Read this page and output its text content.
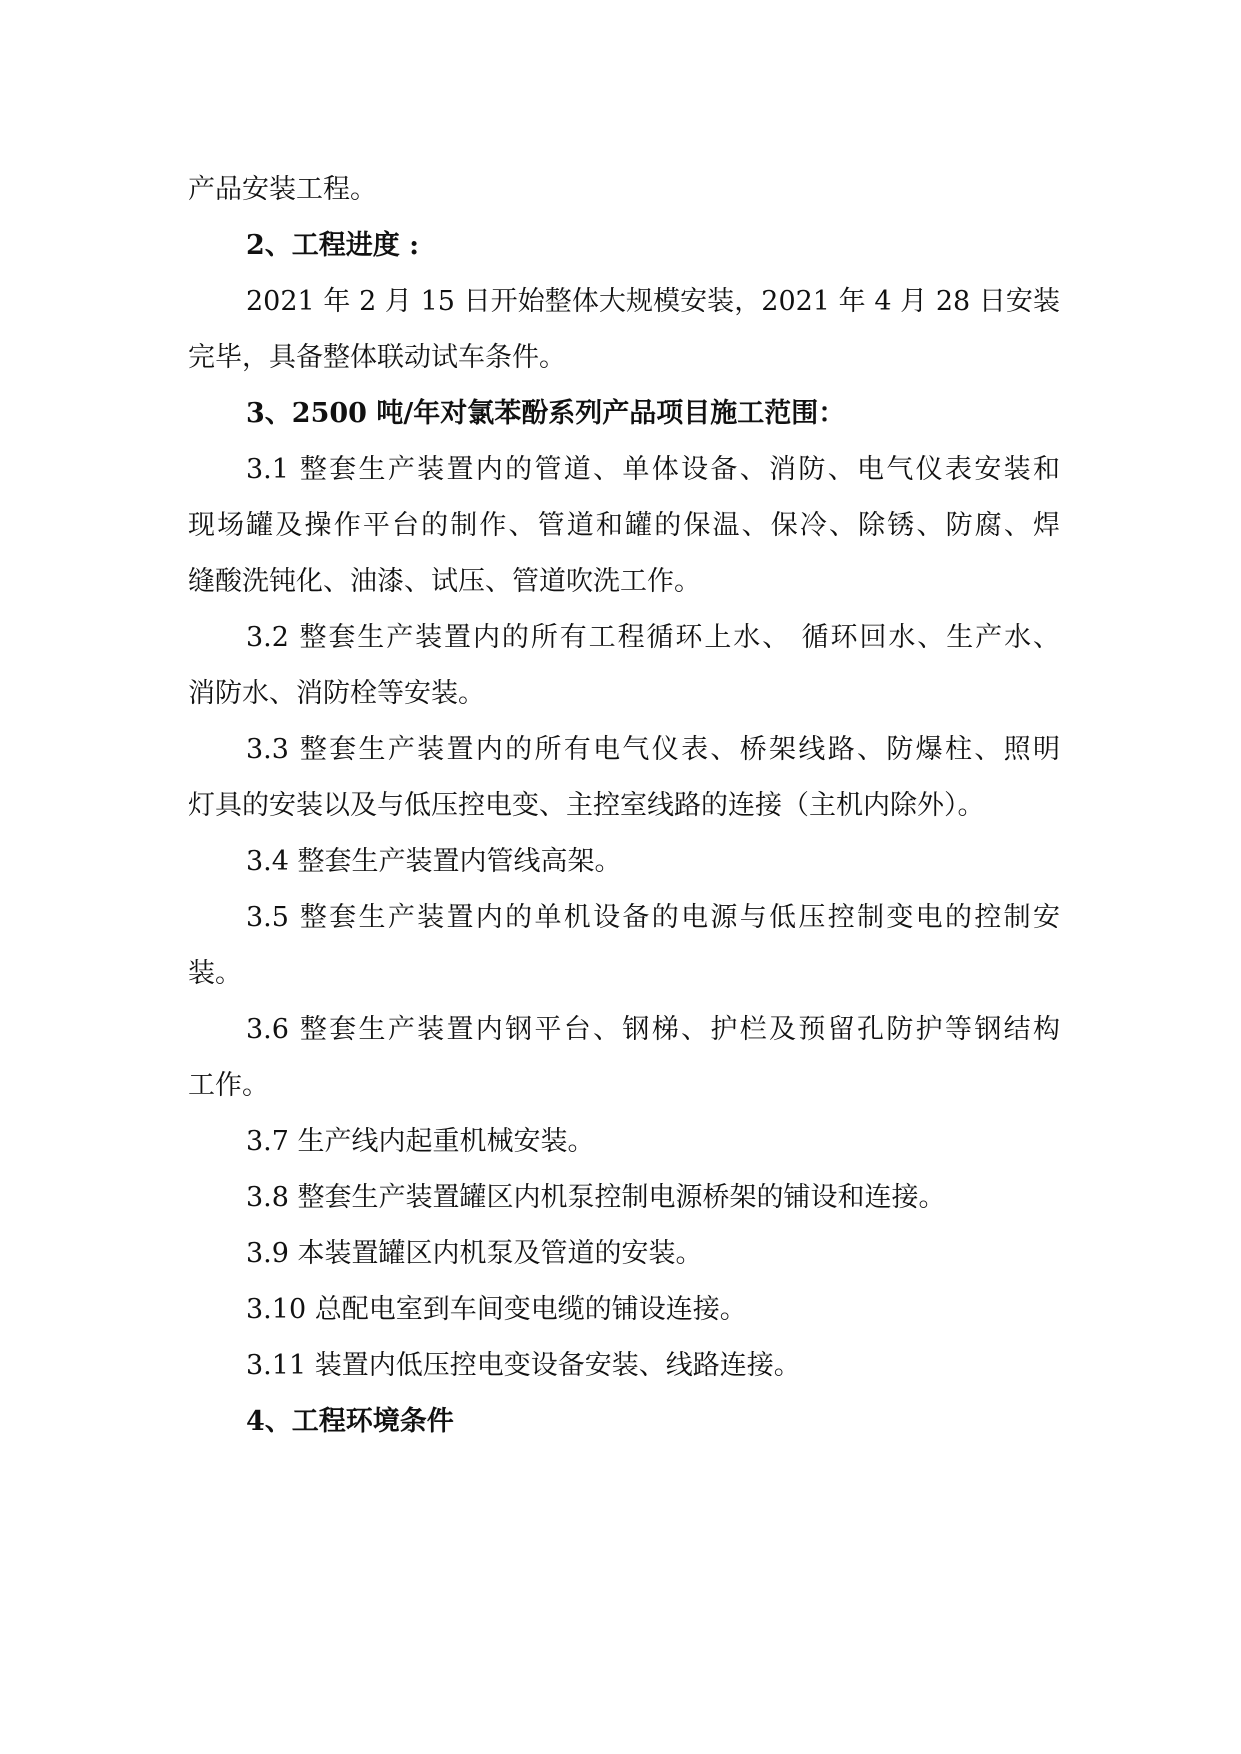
产品安装工程。
2、工程进度 :
2021 年 2 月 15 日开始整体大规模安装，2021 年 4 月 28 日安装
完毕，具备整体联动试车条件。
3、2500 吨/年对氯苯酚系列产品项目施工范围：
3.1 整套生产装置内的管道、单体设备、消防、电气仪表安装和
现场罐及操作平台的制作、管道和罐的保温、保冷、除锈、防腐、焊
缝酸洗钝化、油漆、试压、管道吹洗工作。
3.2 整套生产装置内的所有工程循环上水、 循环回水、生产水、
消防水、消防栓等安装。
3.3 整套生产装置内的所有电气仪表、桥架线路、防爆柱、照明
灯具的安装以及与低压控电变、主控室线路的连接（主机内除外）。
3.4 整套生产装置内管线高架。
3.5 整套生产装置内的单机设备的电源与低压控制变电的控制安
装。
3.6 整套生产装置内钢平台、钢梯、护栏及预留孔防护等钢结构
工作。
3.7 生产线内起重机械安装。
3.8 整套生产装置罐区内机泵控制电源桥架的铺设和连接。
3.9 本装置罐区内机泵及管道的安装。
3.10 总配电室到车间变电缆的铺设连接。
3.11 装置内低压控电变设备安装、线路连接。
4、工程环境条件
